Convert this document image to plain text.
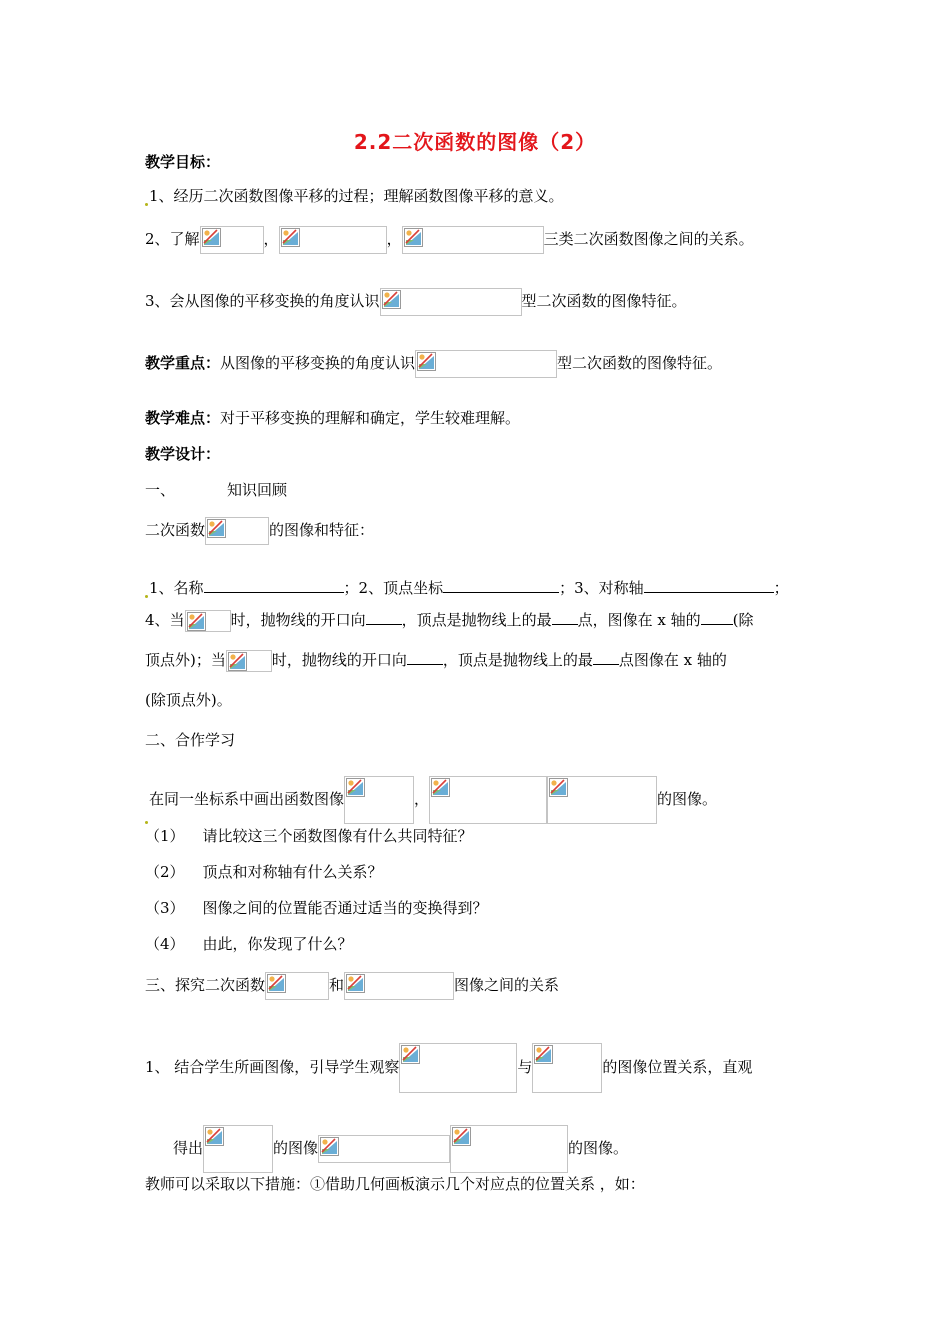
2.2二次函数的图像（2）
教学目标：
1、经历二次函数图像平移的过程；理解函数图像平移的意义。
2、了解	，	，	三类二次函数图像之间的关系。
3、会从图像的平移变换的角度认识	型二次函数的图像特征。
教学重点：从图像的平移变换的角度认识	型二次函数的图像特征。
教学难点：对于平移变换的理解和确定，学生较难理解。
教学设计：
一、	知识回顾
二次函数	的图像和特征：
1、名称	；2、顶点坐标	；3、对称轴	；
4、当	时，抛物线的开口向 ，顶点是抛物线上的最 点，图像在 x 轴的 (除
顶点外)；当	时，抛物线的开口向 ，顶点是抛物线上的最 点图像在 x 轴的
(除顶点外)。
二、合作学习
在同一坐标系中画出函数图像	，	的图像。
（1） 请比较这三个函数图像有什么共同特征？
（2） 顶点和对称轴有什么关系？
（3） 图像之间的位置能否通过适当的变换得到？
（4） 由此，你发现了什么？
三、探究二次函数	和	图像之间的关系
1、 结合学生所画图像，引导学生观察	与	的图像位置关系，直观
得出	的图像	的图像。
教师可以采取以下措施：①借助几何画板演示几个对应点的位置关系 ，如：
